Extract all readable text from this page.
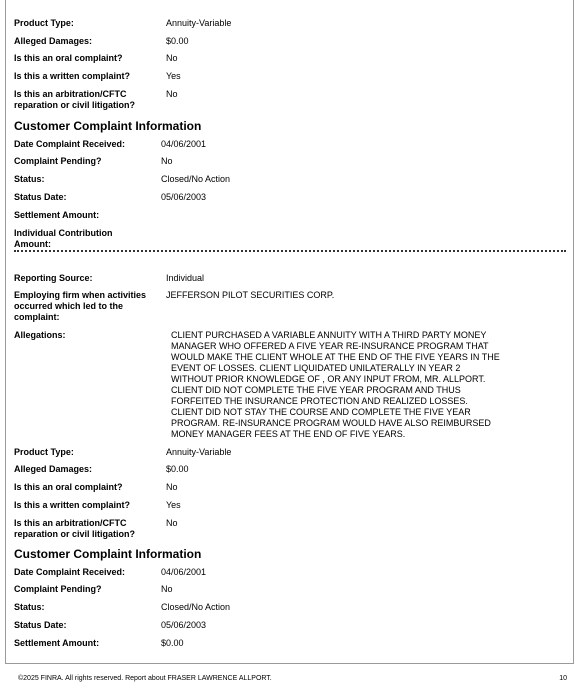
Product Type:	Annuity-Variable
Alleged Damages:	$0.00
Is this an oral complaint?	No
Is this a written complaint?	Yes
Is this an arbitration/CFTC reparation or civil litigation?
No
Customer Complaint Information
Date Complaint Received:	04/06/2001
Complaint Pending?	No
Status:	Closed/No Action
Status Date:	05/06/2003
Settlement Amount:
Individual Contribution Amount:
Reporting Source:	Individual
Employing firm when activities occurred which led to the complaint:
JEFFERSON PILOT SECURITIES CORP.
Allegations:	CLIENT PURCHASED A VARIABLE ANNUITY WITH A THIRD PARTY MONEY
MANAGER WHO OFFERED A FIVE YEAR RE-INSURANCE PROGRAM THAT
WOULD MAKE THE CLIENT WHOLE AT THE END OF THE FIVE YEARS IN THE
EVENT OF LOSSES. CLIENT LIQUIDATED UNILATERALLY IN YEAR 2
WITHOUT PRIOR KNOWLEDGE OF , OR ANY INPUT FROM, MR. ALLPORT.
CLIENT DID NOT COMPLETE THE FIVE YEAR PROGRAM AND THUS
FORFEITED THE INSURANCE PROTECTION AND REALIZED LOSSES.
CLIENT DID NOT STAY THE COURSE AND COMPLETE THE FIVE YEAR
PROGRAM. RE-INSURANCE PROGRAM WOULD HAVE ALSO REIMBURSED
MONEY MANAGER FEES AT THE END OF FIVE YEARS.
Product Type:	Annuity-Variable
Alleged Damages:	$0.00
Is this an oral complaint?	No
Is this a written complaint?	Yes
Is this an arbitration/CFTC reparation or civil litigation?
No
Customer Complaint Information
Date Complaint Received:	04/06/2001
Complaint Pending?	No
Status:	Closed/No Action
Status Date:	05/06/2003
Settlement Amount:	$0.00
©2025 FINRA. All rights reserved. Report about FRASER LAWRENCE ALLPORT.	10
